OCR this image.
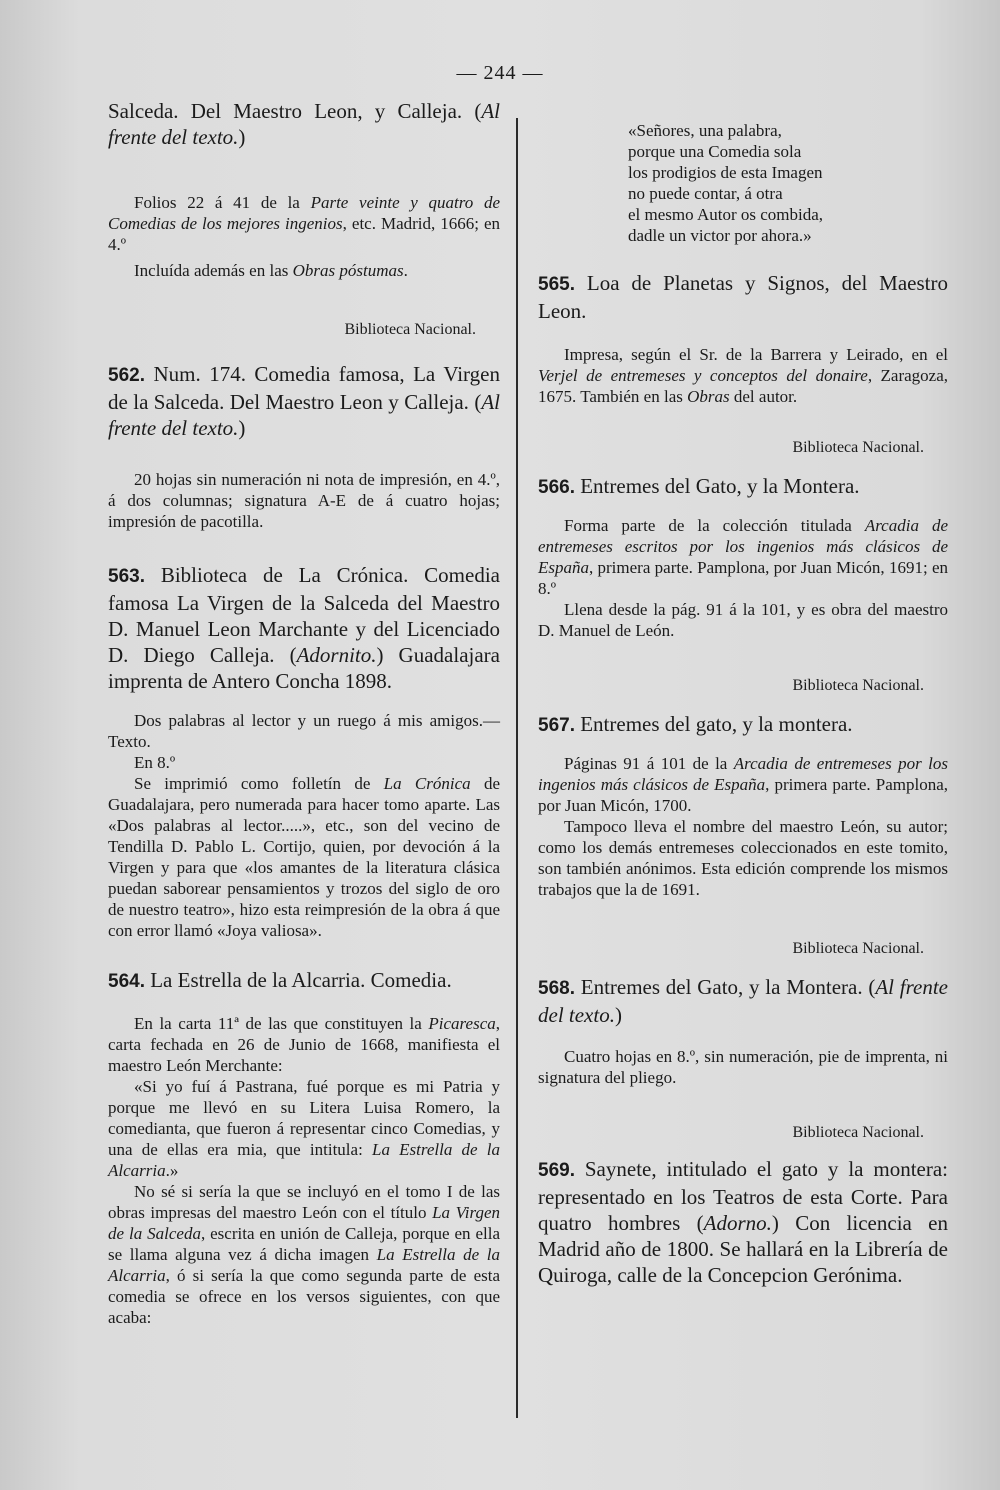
— 244 —

Salceda. Del Maestro Leon, y Calleja. (Al frente del texto.)

Folios 22 á 41 de la Parte veinte y quatro de Comedias de los mejores ingenios, etc. Madrid, 1666; en 4.º

Incluída además en las Obras póstumas.

Biblioteca Nacional.

562. Num. 174. Comedia famosa, La Virgen de la Salceda. Del Maestro Leon y Calleja. (Al frente del texto.)

20 hojas sin numeración ni nota de impresión, en 4.º, á dos columnas; signatura A-E de á cuatro hojas; impresión de pacotilla.

563. Biblioteca de La Crónica. Comedia famosa La Virgen de la Salceda del Maestro D. Manuel Leon Marchante y del Licenciado D. Diego Calleja. (Adornito.) Guadalajara imprenta de Antero Concha 1898.

Dos palabras al lector y un ruego á mis amigos.—Texto.

En 8.º

Se imprimió como folletín de La Crónica de Guadalajara, pero numerada para hacer tomo aparte. Las «Dos palabras al lector.....», etc., son del vecino de Tendilla D. Pablo L. Cortijo, quien, por devoción á la Virgen y para que «los amantes de la literatura clásica puedan saborear pensamientos y trozos del siglo de oro de nuestro teatro», hizo esta reimpresión de la obra á que con error llamó «Joya valiosa».

564. La Estrella de la Alcarria. Comedia.

En la carta 11ª de las que constituyen la Picaresca, carta fechada en 26 de Junio de 1668, manifiesta el maestro León Merchante:

«Si yo fuí á Pastrana, fué porque es mi Patria y porque me llevó en su Litera Luisa Romero, la comedianta, que fueron á representar cinco Comedias, y una de ellas era mia, que intitula: La Estrella de la Alcarria.»

No sé si sería la que se incluyó en el tomo I de las obras impresas del maestro León con el título La Virgen de la Salceda, escrita en unión de Calleja, porque en ella se llama alguna vez á dicha imagen La Estrella de la Alcarria, ó si sería la que como segunda parte de esta comedia se ofrece en los versos siguientes, con que acaba:

«Señores, una palabra,
porque una Comedia sola
los prodigios de esta Imagen
no puede contar, á otra
el mesmo Autor os combida,
dadle un victor por ahora.»

565. Loa de Planetas y Signos, del Maestro Leon.

Impresa, según el Sr. de la Barrera y Leirado, en el Verjel de entremeses y conceptos del donaire, Zaragoza, 1675. También en las Obras del autor.

Biblioteca Nacional.

566. Entremes del Gato, y la Montera.

Forma parte de la colección titulada Arcadia de entremeses escritos por los ingenios más clásicos de España, primera parte. Pamplona, por Juan Micón, 1691; en 8.º

Llena desde la pág. 91 á la 101, y es obra del maestro D. Manuel de León.

Biblioteca Nacional.

567. Entremes del gato, y la montera.

Páginas 91 á 101 de la Arcadia de entremeses por los ingenios más clásicos de España, primera parte. Pamplona, por Juan Micón, 1700.

Tampoco lleva el nombre del maestro León, su autor; como los demás entremeses coleccionados en este tomito, son también anónimos. Esta edición comprende los mismos trabajos que la de 1691.

Biblioteca Nacional.

568. Entremes del Gato, y la Montera. (Al frente del texto.)

Cuatro hojas en 8.º, sin numeración, pie de imprenta, ni signatura del pliego.

Biblioteca Nacional.

569. Saynete, intitulado el gato y la montera: representado en los Teatros de esta Corte. Para quatro hombres (Adorno.) Con licencia en Madrid año de 1800. Se hallará en la Librería de Quiroga, calle de la Concepcion Gerónima.
